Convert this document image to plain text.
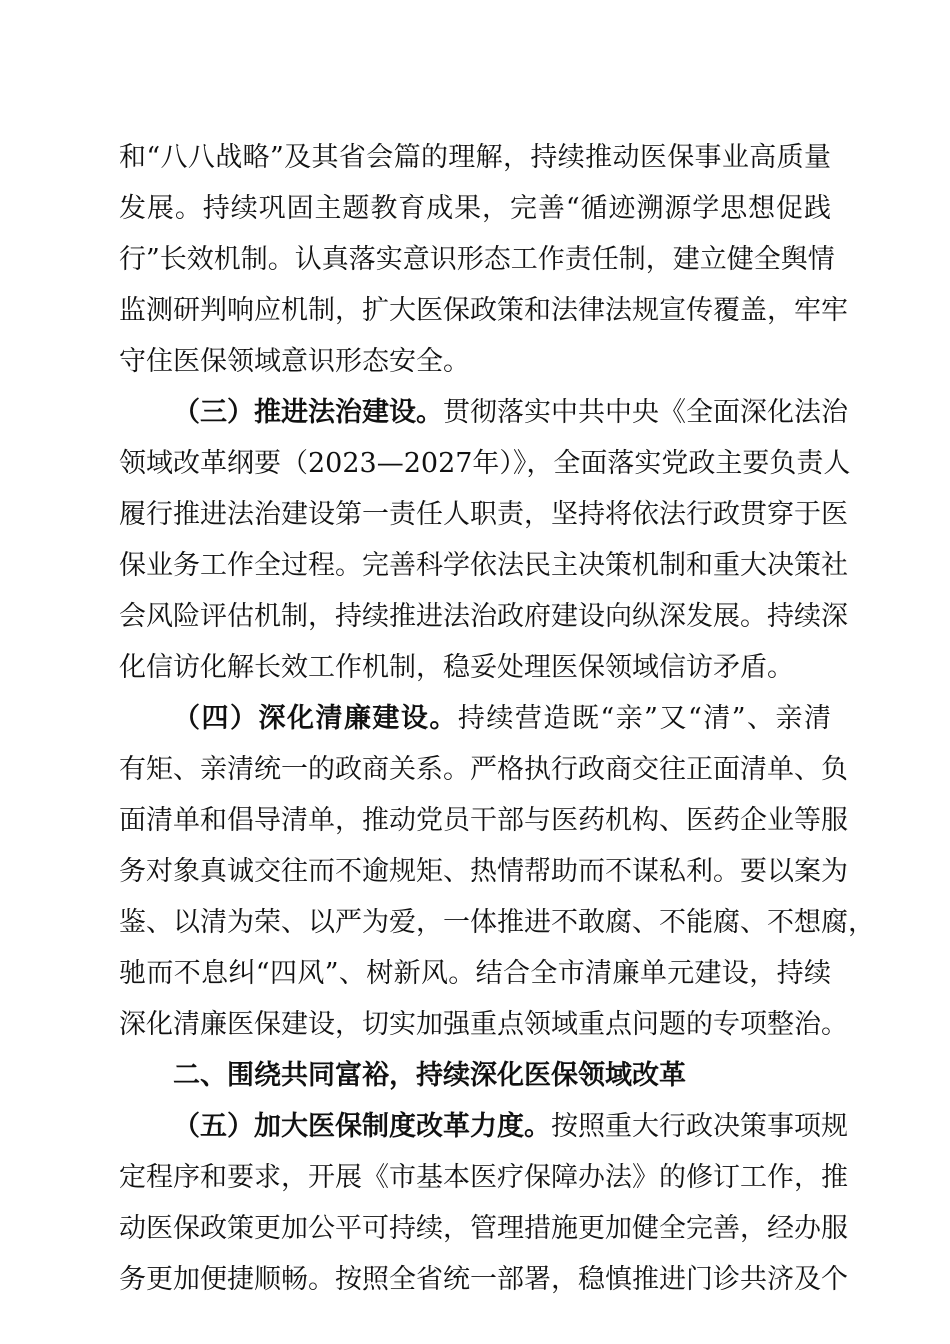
和“八八战略”及其省会篇的理解，持续推动医保事业高质量
发展。持续巩固主题教育成果，完善“循迹溯源学思想促践
行”长效机制。认真落实意识形态工作责任制，建立健全舆情
监测研判响应机制，扩大医保政策和法律法规宣传覆盖，牢牢
守住医保领域意识形态安全。
（三）推进法治建设。贯彻落实中共中央《全面深化法治
领域改革纲要（2023—2027年）》，全面落实党政主要负责人
履行推进法治建设第一责任人职责，坚持将依法行政贯穿于医
保业务工作全过程。完善科学依法民主决策机制和重大决策社
会风险评估机制，持续推进法治政府建设向纵深发展。持续深
化信访化解长效工作机制，稳妥处理医保领域信访矛盾。
（四）深化清廉建设。持续营造既“亲”又“清”、亲清
有矩、亲清统一的政商关系。严格执行政商交往正面清单、负
面清单和倡导清单，推动党员干部与医药机构、医药企业等服
务对象真诚交往而不逾规矩、热情帮助而不谋私利。要以案为
鉴、以清为荣、以严为爱，一体推进不敢腐、不能腐、不想腐，
驰而不息纠“四风”、树新风。结合全市清廉单元建设，持续
深化清廉医保建设，切实加强重点领域重点问题的专项整治。
二、围绕共同富裕，持续深化医保领域改革
（五）加大医保制度改革力度。按照重大行政决策事项规
定程序和要求，开展《市基本医疗保障办法》的修订工作，推
动医保政策更加公平可持续，管理措施更加健全完善，经办服
务更加便捷顺畅。按照全省统一部署，稳慎推进门诊共济及个
